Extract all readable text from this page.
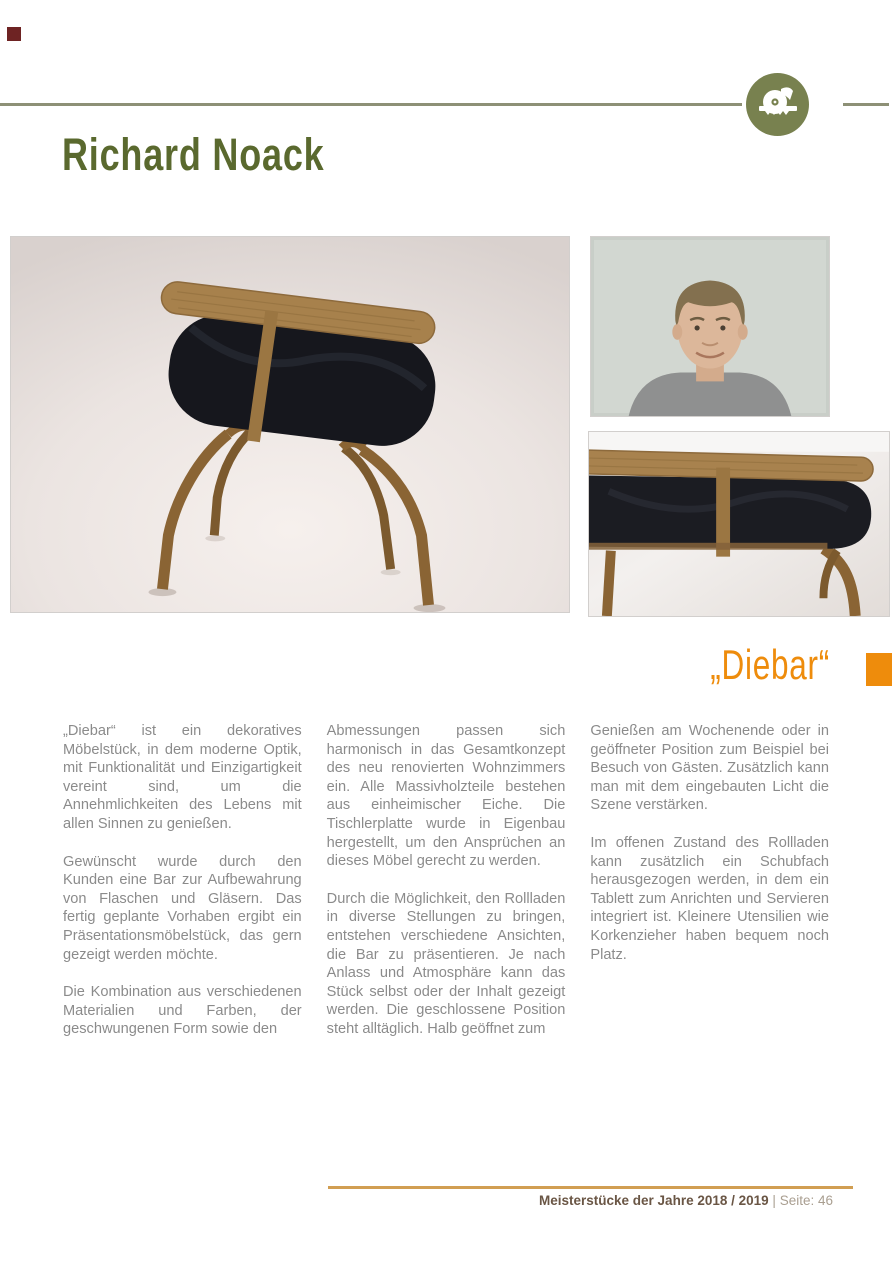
Richard Noack
„Diebar“

„Diebar“ ist ein dekoratives Möbelstück, in dem moderne Optik, mit Funktionalität und Einzigartigkeit vereint sind, um die Annehmlichkeiten des Lebens mit allen Sinnen zu genießen.

Gewünscht wurde durch den Kunden eine Bar zur Aufbewahrung von Flaschen und Gläsern. Das fertig geplante Vorhaben ergibt ein Präsentationsmöbelstück, das gern gezeigt werden möchte.

Die Kombination aus verschiedenen Materialien und Farben, der geschwungenen Form sowie den

Abmessungen passen sich harmonisch in das Gesamtkonzept des neu renovierten Wohnzimmers ein. Alle Massivholzteile bestehen aus einheimischer Eiche. Die Tischlerplatte wurde in Eigenbau hergestellt, um den Ansprüchen an dieses Möbel gerecht zu werden.

Durch die Möglichkeit, den Rollladen in diverse Stellungen zu bringen, entstehen verschiedene Ansichten, die Bar zu präsentieren. Je nach Anlass und Atmosphäre kann das Stück selbst oder der Inhalt gezeigt werden. Die geschlossene Position steht alltäglich. Halb geöffnet zum

Genießen am Wochenende oder in geöffneter Position zum Beispiel bei Besuch von Gästen. Zusätzlich kann man mit dem eingebauten Licht die Szene verstärken.

Im offenen Zustand des Rollladen kann zusätzlich ein Schubfach herausgezogen werden, in dem ein Tablett zum Anrichten und Servieren integriert ist. Kleinere Utensilien wie Korkenzieher haben bequem noch Platz.

Meisterstücke der Jahre 2018 / 2019 | Seite: 46
